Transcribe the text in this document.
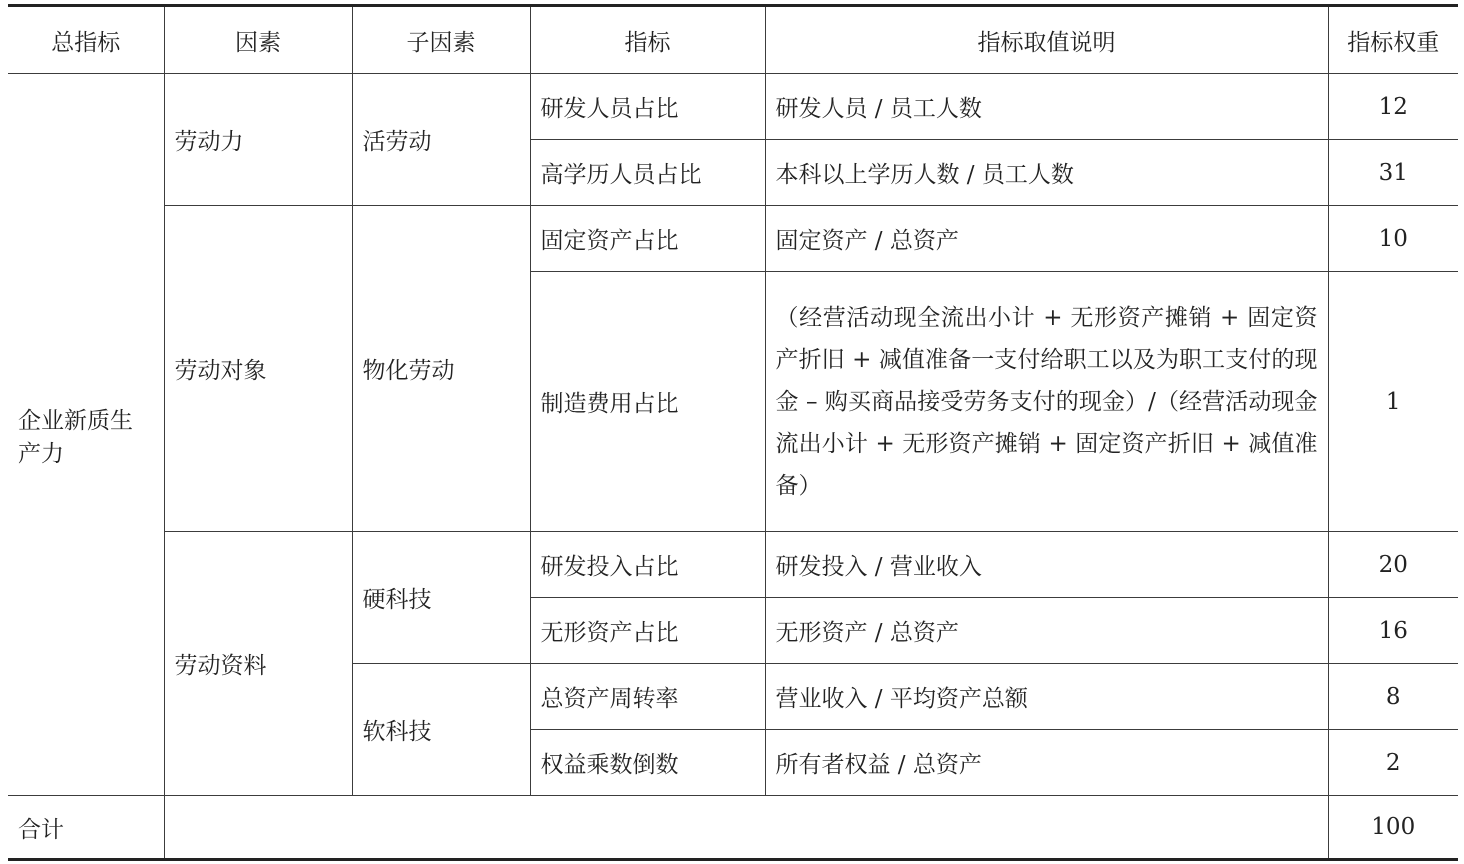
总指标	因素	子因素	指标	指标取值说明	指标权重
企业新质生产力	劳动力	活劳动	研发人员占比	研发人员 / 员工人数	12
			高学历人员占比	本科以上学历人数 / 员工人数	31
	劳动对象	物化劳动	固定资产占比	固定资产 / 总资产	10
			制造费用占比	（经营活动现全流出小计 + 无形资产摊销 + 固定资产折旧 + 减值准备一支付给职工以及为职工支付的现金 – 购买商品接受劳务支付的现金）/（经营活动现金流出小计 + 无形资产摊销 + 固定资产折旧 + 减值准备）	1
	劳动资料	硬科技	研发投入占比	研发投入 / 营业收入	20
			无形资产占比	无形资产 / 总资产	16
		软科技	总资产周转率	营业收入 / 平均资产总额	8
			权益乘数倒数	所有者权益 / 总资产	2
合计					100
